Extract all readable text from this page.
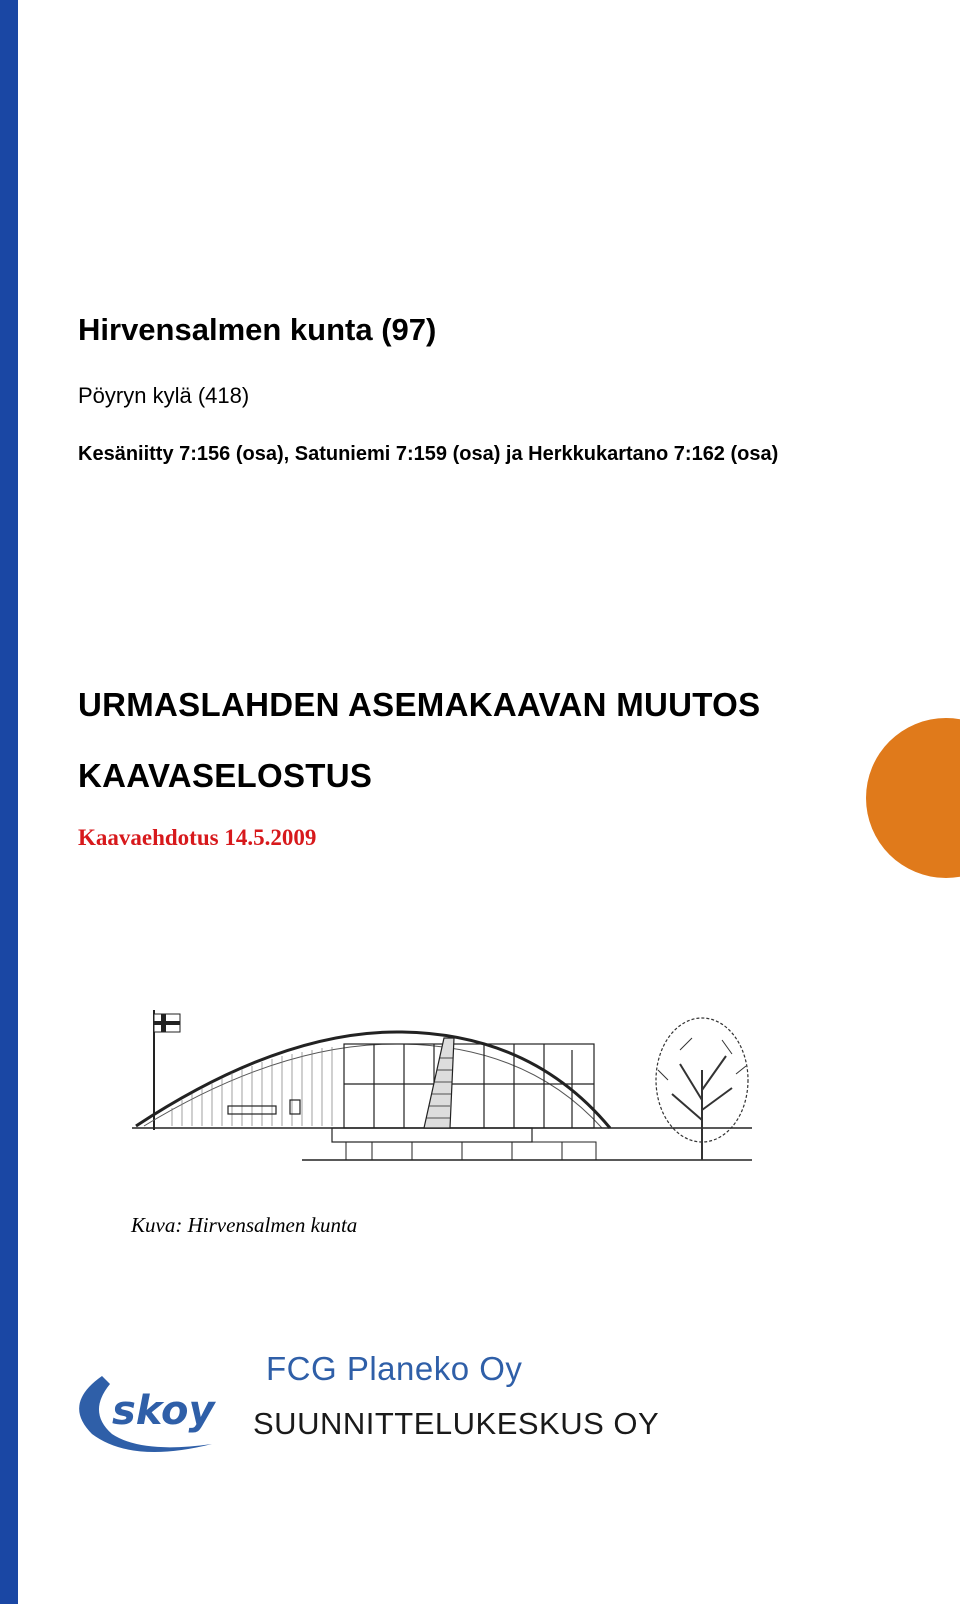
Hirvensalmen kunta (97)
Pöyryn kylä (418)
Kesäniitty 7:156 (osa), Satuniemi 7:159 (osa) ja Herkkukartano 7:162 (osa)
URMASLAHDEN ASEMAKAAVAN MUUTOS
KAAVASELOSTUS
Kaavaehdotus 14.5.2009
Kuva: Hirvensalmen kunta
skoy
FCG Planeko Oy
SUUNNITTELUKESKUS OY
